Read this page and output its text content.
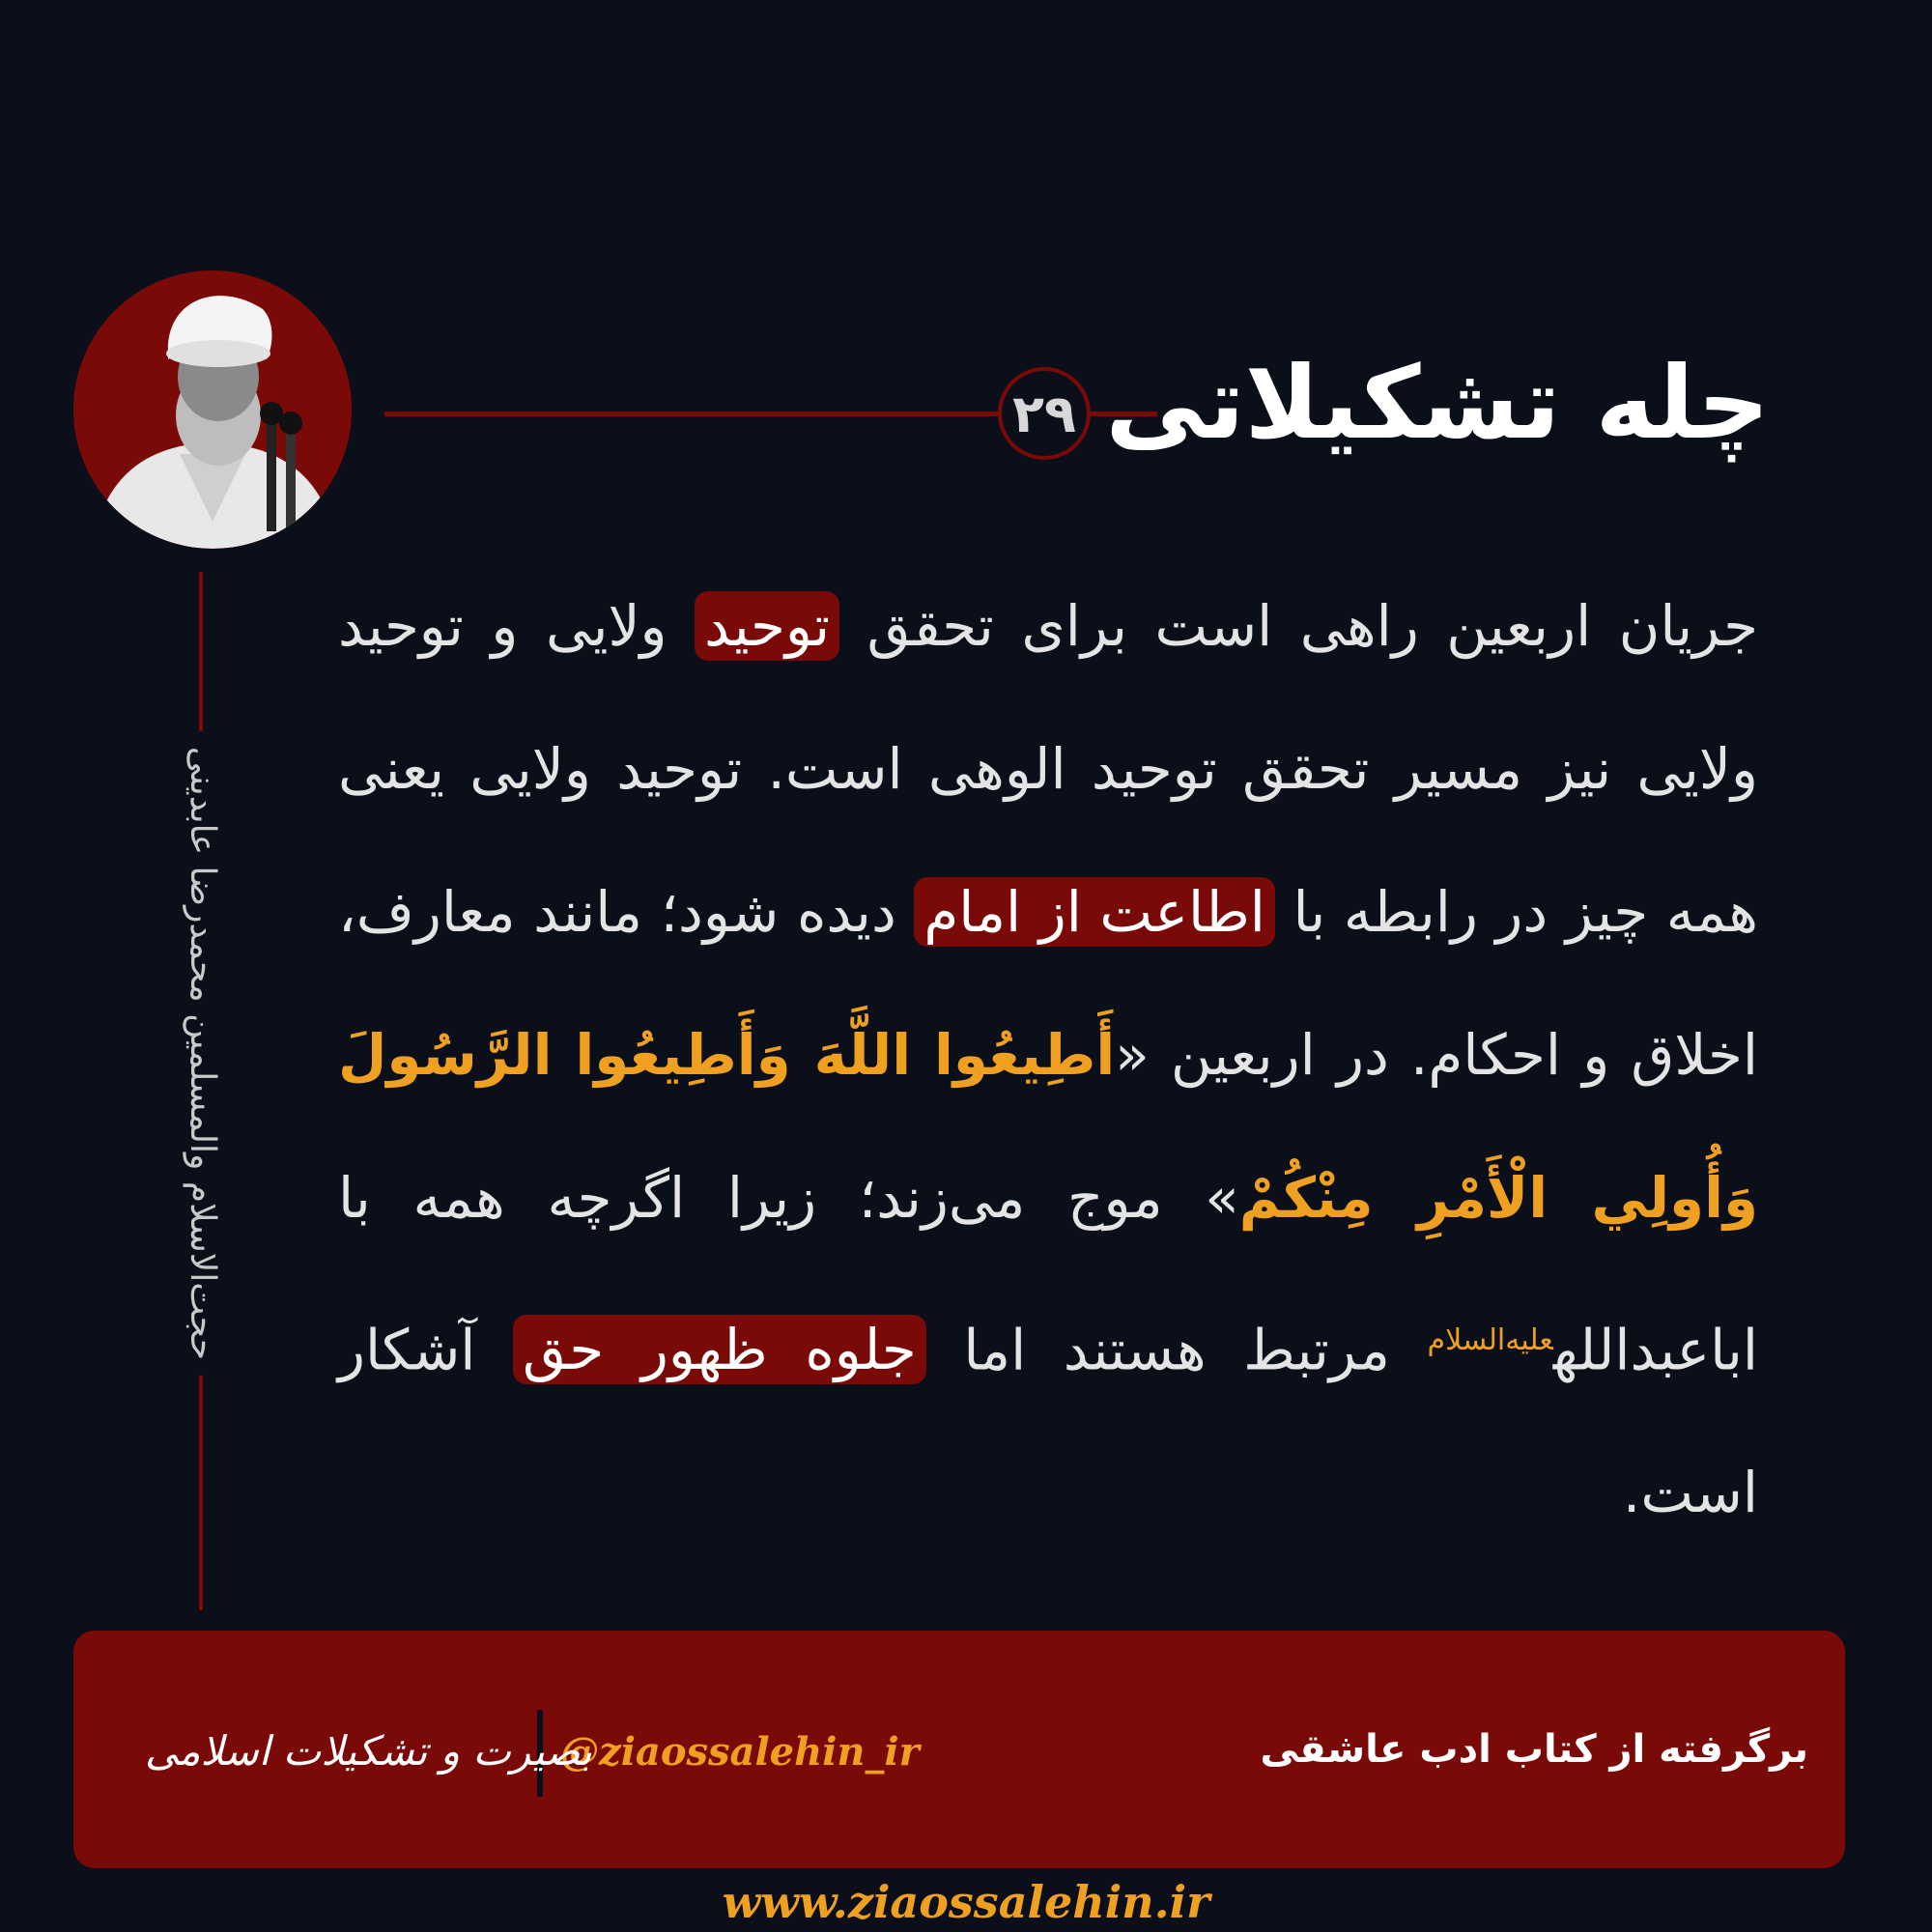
حجت‌الاسلام والمسلمین محمدرضا عابدینی
۲۹ چله تشکیلاتی
جریان اربعین راهی است برای تحقق توحید ولایی و توحید ولایی نیز مسیر تحقق توحید الوهی است. توحید ولایی یعنی همه چیز در رابطه با اطاعت از امام دیده شود؛ مانند معارف، اخلاق و احکام. در اربعین «أَطِيعُوا اللَّهَ وَأَطِيعُوا الرَّسُولَ وَأُولِي الْأَمْرِ مِنْكُمْ» موج می‌زند؛ زیرا اگرچه همه با اباعبدالله$^{علیه‌السلام}$ مرتبط هستند اما جلوه ظهور حق آشکار است.
برگرفته از کتاب ادب عاشقی
@ziaossalehin_ir
بصیرت و تشکیلات اسلامی
www.ziaossalehin.ir
